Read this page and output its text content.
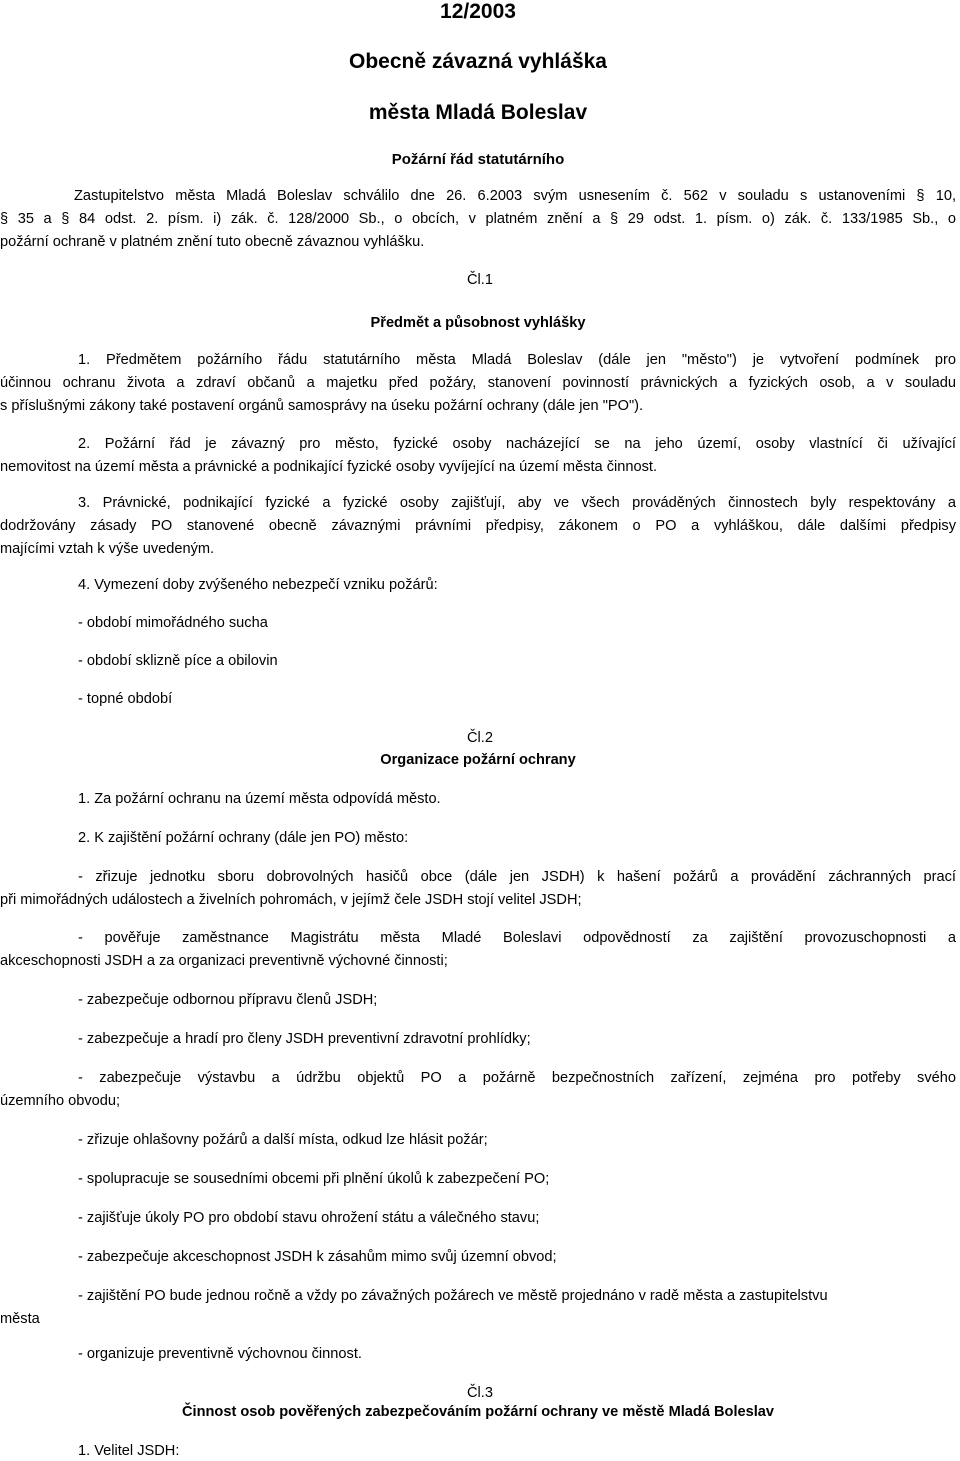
12/2003
Obecně závazná vyhláška
města Mladá Boleslav
Požární řád statutárního
Zastupitelstvo města Mladá Boleslav schválilo dne 26. 6.2003 svým usnesením č. 562 v souladu s ustanoveními § 10,
§ 35 a § 84 odst. 2. písm. i) zák. č. 128/2000 Sb., o obcích, v platném znění a § 29 odst. 1. písm. o) zák. č. 133/1985 Sb., o
požární ochraně v platném znění tuto obecně závaznou vyhlášku.
Čl.1
Předmět a působnost vyhlášky
1. Předmětem požárního řádu statutárního města Mladá Boleslav (dále jen "město") je vytvoření podmínek pro
účinnou ochranu života a zdraví občanů a majetku před požáry, stanovení povinností právnických a fyzických osob, a v souladu
s příslušnými zákony také postavení orgánů samosprávy na úseku požární ochrany (dále jen "PO").
2. Požární řád je závazný pro město, fyzické osoby nacházející se na jeho území, osoby vlastnící či užívající
nemovitost na území města a právnické a podnikající fyzické osoby vyvíjející na území města činnost.
3. Právnické, podnikající fyzické a fyzické osoby zajišťují, aby ve všech prováděných činnostech byly respektovány a
dodržovány zásady PO stanovené obecně závaznými právními předpisy, zákonem o PO a vyhláškou, dále dalšími předpisy
majícími vztah k výše uvedeným.
4. Vymezení doby zvýšeného nebezpečí vzniku požárů:
- období mimořádného sucha
- období sklizně píce a obilovin
- topné období
Čl.2
Organizace požární ochrany
1. Za požární ochranu na území města odpovídá město.
2. K zajištění požární ochrany (dále jen PO) město:
- zřizuje jednotku sboru dobrovolných hasičů obce (dále jen JSDH) k hašení požárů a provádění záchranných prací
při mimořádných událostech a živelních pohromách, v jejímž čele JSDH stojí velitel JSDH;
- pověřuje zaměstnance Magistrátu města Mladé Boleslavi odpovědností za zajištění provozuschopnosti a
akceschopnosti JSDH a za organizaci preventivně výchovné činnosti;
- zabezpečuje odbornou přípravu členů JSDH;
- zabezpečuje a hradí pro členy JSDH preventivní zdravotní prohlídky;
- zabezpečuje výstavbu a údržbu objektů PO a požárně bezpečnostních zařízení, zejména pro potřeby svého
územního obvodu;
- zřizuje ohlašovny požárů a další místa, odkud lze hlásit požár;
- spolupracuje se sousedními obcemi při plnění úkolů k zabezpečení PO;
- zajišťuje úkoly PO pro období stavu ohrožení státu a válečného stavu;
- zabezpečuje akceschopnost JSDH k zásahům mimo svůj územní obvod;
- zajištění PO bude jednou ročně a vždy po závažných požárech ve městě projednáno v radě města a zastupitelstvu
města
- organizuje preventivně výchovnou činnost.
Čl.3
Činnost osob pověřených zabezpečováním požární ochrany ve městě Mladá Boleslav
1. Velitel JSDH:
